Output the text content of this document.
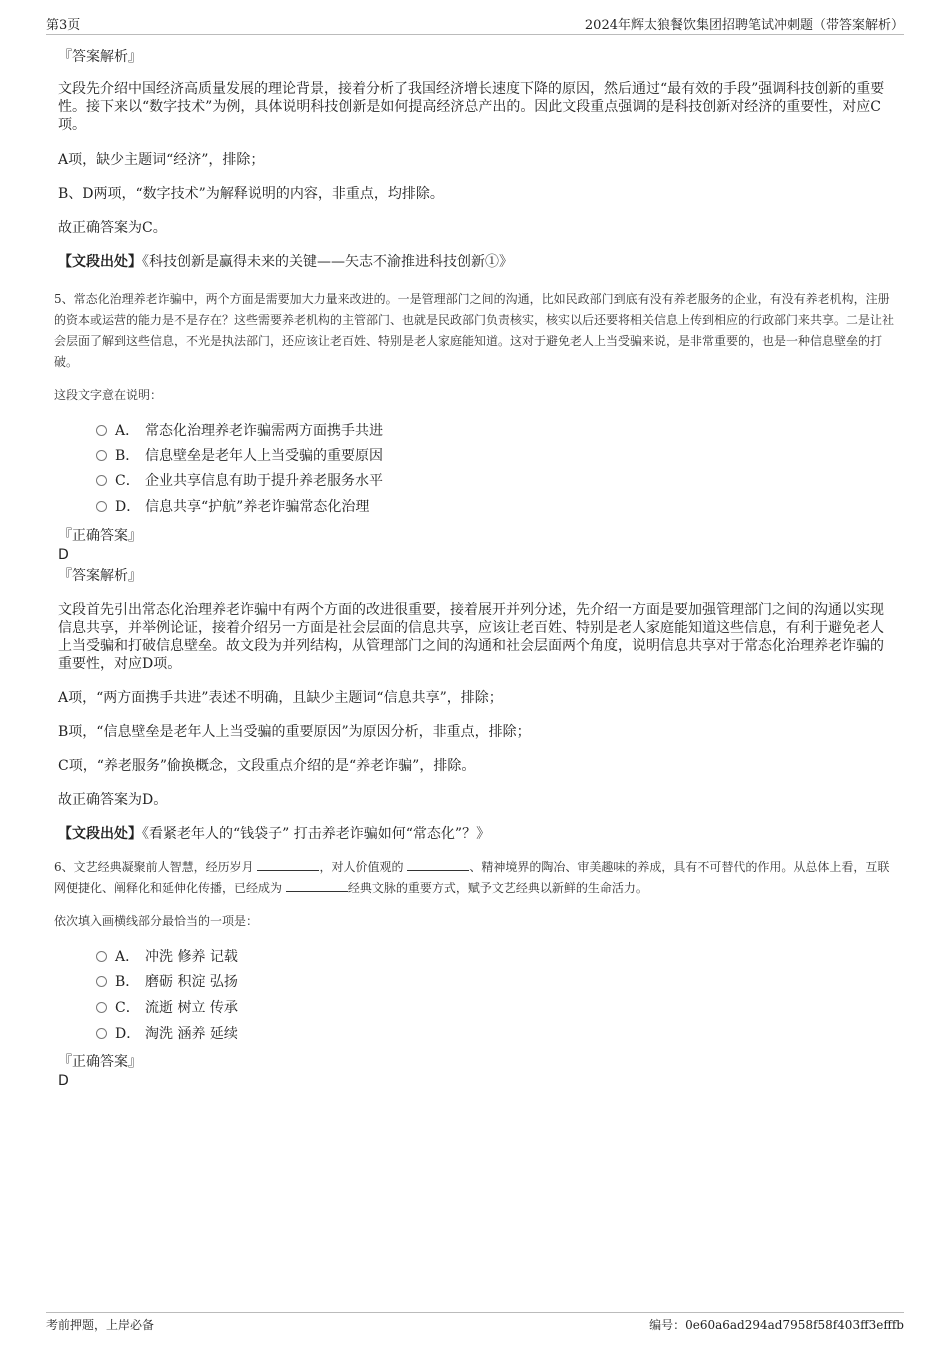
第3页	2024年辉太狼餐饮集团招聘笔试冲刺题（带答案解析）
『答案解析』
文段先介绍中国经济高质量发展的理论背景，接着分析了我国经济增长速度下降的原因，然后通过“最有效的手段”强调科技创新的重要性。接下来以“数字技术”为例，具体说明科技创新是如何提高经济总产出的。因此文段重点强调的是科技创新对经济的重要性，对应C项。
A项，缺少主题词“经济”，排除；
B、D两项，“数字技术”为解释说明的内容，非重点，均排除。
故正确答案为C。
【文段出处】《科技创新是赢得未来的关键——矢志不渝推进科技创新①》
5、常态化治理养老诈骗中，两个方面是需要加大力量来改进的。一是管理部门之间的沟通，比如民政部门到底有没有养老服务的企业，有没有养老机构，注册的资本或运营的能力是不是存在？这些需要养老机构的主管部门、也就是民政部门负责核实，核实以后还要将相关信息上传到相应的行政部门来共享。二是让社会层面了解到这些信息，不光是执法部门，还应该让老百姓、特别是老人家庭能知道。这对于避免老人上当受骗来说，是非常重要的，也是一种信息壁垒的打破。
这段文字意在说明：
A． 常态化治理养老诈骗需两方面携手共进
B． 信息壁垒是老年人上当受骗的重要原因
C． 企业共享信息有助于提升养老服务水平
D． 信息共享“护航”养老诈骗常态化治理
『正确答案』
D
『答案解析』
文段首先引出常态化治理养老诈骗中有两个方面的改进很重要，接着展开并列分述，先介绍一方面是要加强管理部门之间的沟通以实现信息共享，并举例论证，接着介绍另一方面是社会层面的信息共享，应该让老百姓、特别是老人家庭能知道这些信息，有利于避免老人上当受骗和打破信息壁垒。故文段为并列结构，从管理部门之间的沟通和社会层面两个角度，说明信息共享对于常态化治理养老诈骗的重要性，对应D项。
A项，“两方面携手共进”表述不明确，且缺少主题词“信息共享”，排除；
B项，“信息壁垒是老年人上当受骗的重要原因”为原因分析，非重点，排除；
C项，“养老服务”偷换概念，文段重点介绍的是“养老诈骗”，排除。
故正确答案为D。
【文段出处】《看紧老年人的“钱袋子” 打击养老诈骗如何“常态化”？》
6、文艺经典凝聚前人智慧，经历岁月	，对人价值观的	、精神境界的陶冶、审美趣味的养成，具有不可替代的作用。从总体上看，互联网便捷化、阐释化和延伸化传播，已经成为	经典文脉的重要方式，赋予文艺经典以新鲜的生命活力。
依次填入画横线部分最恰当的一项是：
A． 冲洗 修养 记载
B． 磨砺 积淀 弘扬
C． 流逝 树立 传承
D． 淘洗 涵养 延续
『正确答案』
D
考前押题，上岸必备	编号：0e60a6ad294ad7958f58f403ff3efffb
